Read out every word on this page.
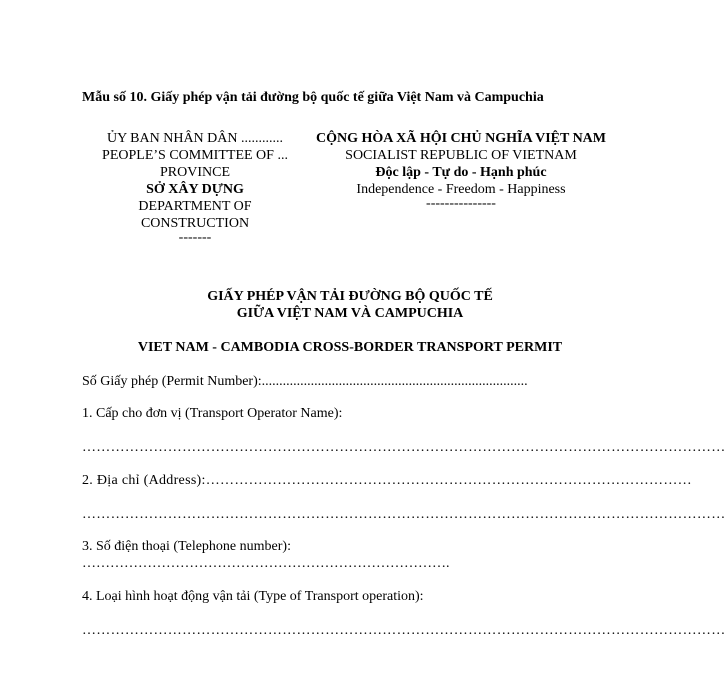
Mẫu số 10. Giấy phép vận tải đường bộ quốc tế giữa Việt Nam và Campuchia
ỦY BAN NHÂN DÂN ............
PEOPLE’S COMMITTEE OF ...
PROVINCE
SỞ XÂY DỰNG
DEPARTMENT OF
CONSTRUCTION
-------
CỘNG HÒA XÃ HỘI CHỦ NGHĨA VIỆT NAM
SOCIALIST REPUBLIC OF VIETNAM
Độc lập - Tự do - Hạnh phúc
Independence - Freedom - Happiness
---------------
GIẤY PHÉP VẬN TẢI ĐƯỜNG BỘ QUỐC TẾ
GIỮA VIỆT NAM VÀ CAMPUCHIA
VIET NAM - CAMBODIA CROSS-BORDER TRANSPORT PERMIT
Số Giấy phép (Permit Number):............................................................................
1. Cấp cho đơn vị (Transport Operator Name):
………………………………………………………………………………………………………………………
2. Địa chỉ (Address):…………………………………………………………………………………………
………………………………………………………………………………………………………………………
3. Số điện thoại (Telephone number):
…………………………………………………………………….
4. Loại hình hoạt động vận tải (Type of Transport operation):
………………………………………………………………………………………………………………………
